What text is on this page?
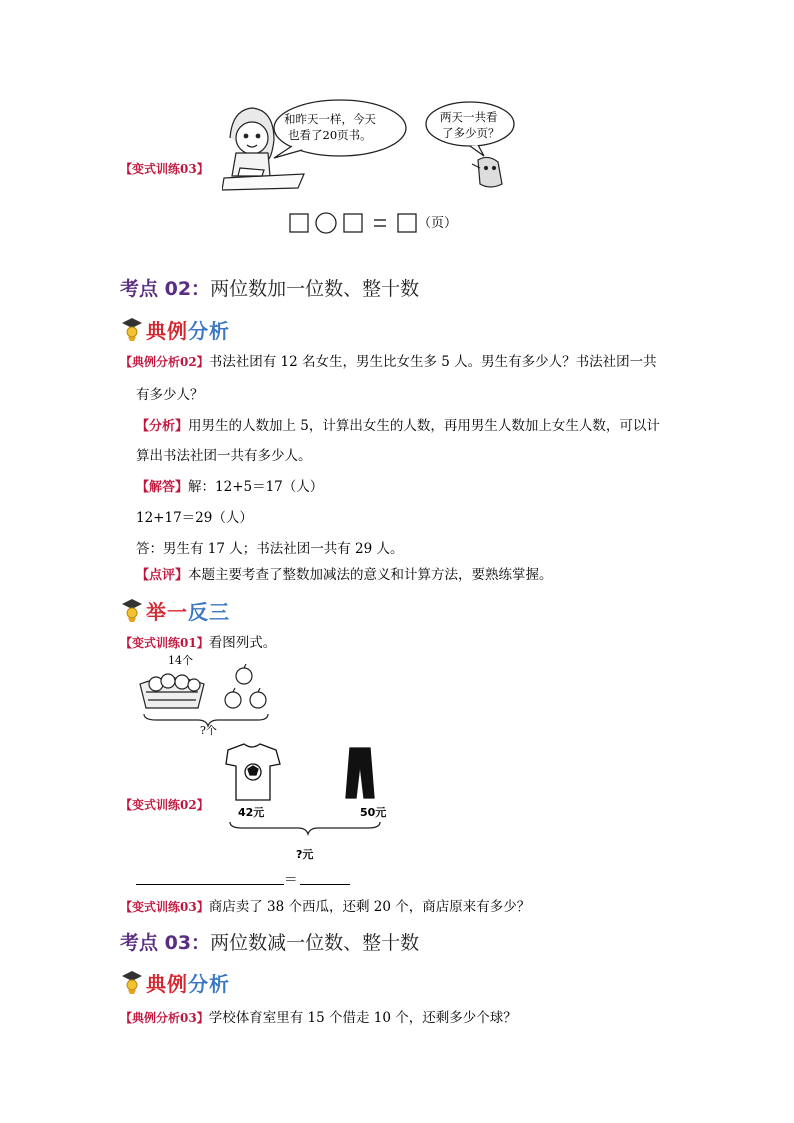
和昨天一样，今天
也看了20页书。
两天一共看
了多少页？
（页）
【变式训练03】
考点 02：两位数加一位数、整十数
典例分析
【典例分析02】书法社团有 12 名女生，男生比女生多 5 人。男生有多少人？书法社团一共
有多少人？
【分析】用男生的人数加上 5，计算出女生的人数，再用男生人数加上女生人数，可以计
算出书法社团一共有多少人。
【解答】解：12+5＝17（人）
12+17＝29（人）
答：男生有 17 人；书法社团一共有 29 人。
【点评】本题主要考查了整数加减法的意义和计算方法，要熟练掌握。
举一反三
【变式训练01】看图列式。
14个
?个
42元	50元
?元
【变式训练02】
＝
【变式训练03】商店卖了 38 个西瓜，还剩 20 个，商店原来有多少？
考点 03：两位数减一位数、整十数
典例分析
【典例分析03】学校体育室里有 15 个借走 10 个，还剩多少个球？
